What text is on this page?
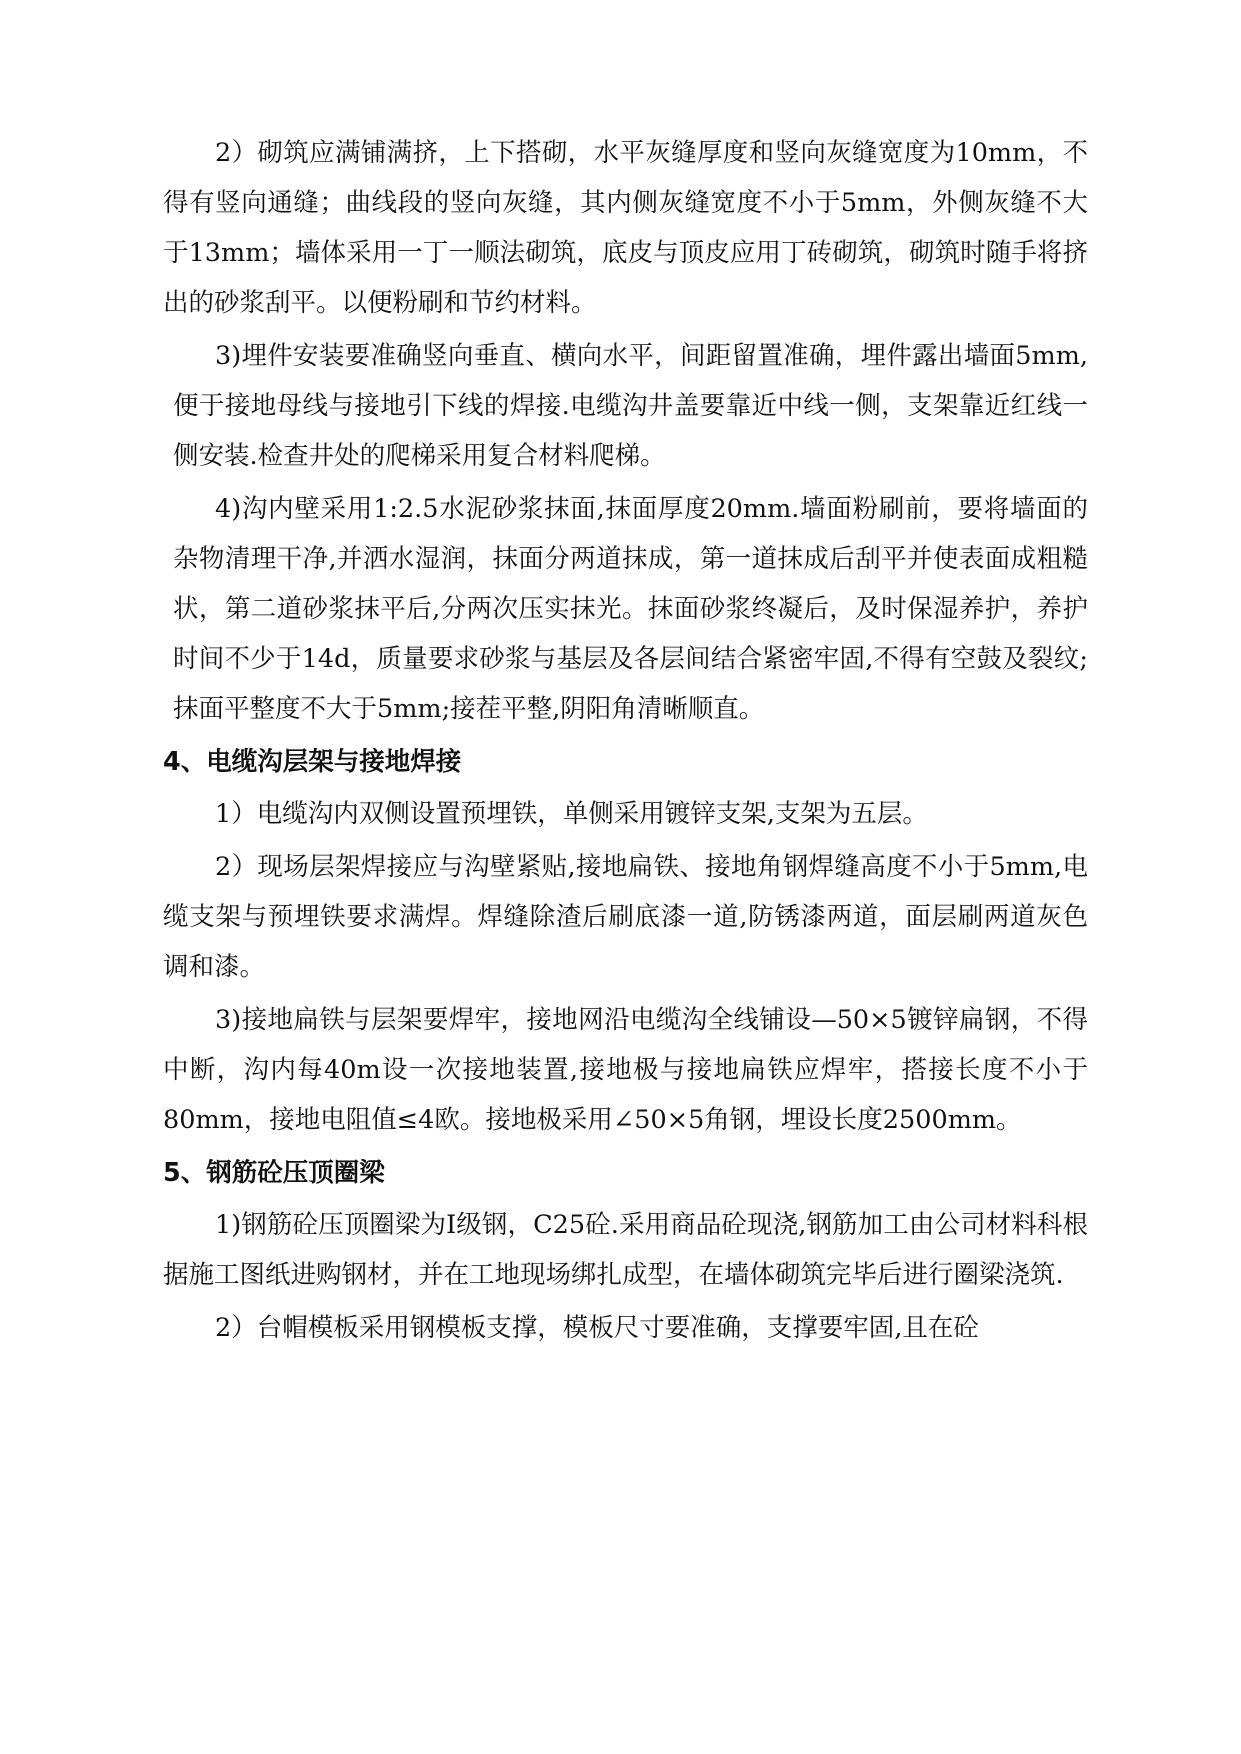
2）砌筑应满铺满挤，上下搭砌，水平灰缝厚度和竖向灰缝宽度为10mm，不得有竖向通缝；曲线段的竖向灰缝，其内侧灰缝宽度不小于5mm，外侧灰缝不大于13mm；墙体采用一丁一顺法砌筑，底皮与顶皮应用丁砖砌筑，砌筑时随手将挤出的砂浆刮平。以便粉刷和节约材料。

3)埋件安装要准确竖向垂直、横向水平，间距留置准确，埋件露出墙面5mm,便于接地母线与接地引下线的焊接.电缆沟井盖要靠近中线一侧，支架靠近红线一侧安装.检查井处的爬梯采用复合材料爬梯。

4)沟内壁采用1:2.5水泥砂浆抹面,抹面厚度20mm.墙面粉刷前，要将墙面的杂物清理干净,并洒水湿润，抹面分两道抹成，第一道抹成后刮平并使表面成粗糙状，第二道砂浆抹平后,分两次压实抹光。抹面砂浆终凝后，及时保湿养护，养护时间不少于14d，质量要求砂浆与基层及各层间结合紧密牢固,不得有空鼓及裂纹;抹面平整度不大于5mm;接茬平整,阴阳角清晰顺直。

4、电缆沟层架与接地焊接

1）电缆沟内双侧设置预埋铁，单侧采用镀锌支架,支架为五层。

2）现场层架焊接应与沟壁紧贴,接地扁铁、接地角钢焊缝高度不小于5mm,电缆支架与预埋铁要求满焊。焊缝除渣后刷底漆一道,防锈漆两道，面层刷两道灰色调和漆。

3)接地扁铁与层架要焊牢，接地网沿电缆沟全线铺设—50×5镀锌扁钢，不得中断，沟内每40m设一次接地装置,接地极与接地扁铁应焊牢，搭接长度不小于80mm，接地电阻值≤4欧。接地极采用∠50×5角钢，埋设长度2500mm。

5、钢筋砼压顶圈梁

1)钢筋砼压顶圈梁为Ⅰ级钢，C25砼.采用商品砼现浇,钢筋加工由公司材料科根据施工图纸进购钢材，并在工地现场绑扎成型，在墙体砌筑完毕后进行圈梁浇筑.

2）台帽模板采用钢模板支撑，模板尺寸要准确，支撑要牢固,且在砼
